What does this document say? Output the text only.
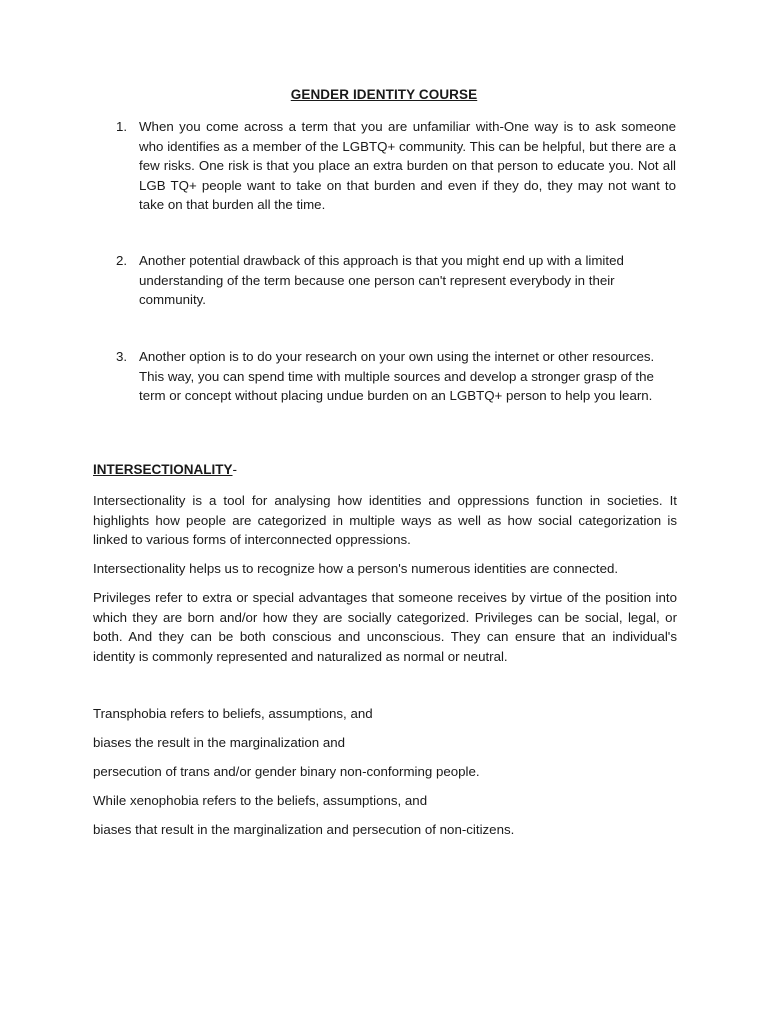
GENDER IDENTITY COURSE
1. When you come across a term that you are unfamiliar with-One way is to ask someone who identifies as a member of the LGBTQ+ community. This can be helpful, but there are a few risks. One risk is that you place an extra burden on that person to educate you. Not all LGB TQ+ people want to take on that burden and even if they do, they may not want to take on that burden all the time.
2. Another potential drawback of this approach is that you might end up with a limited understanding of the term because one person can't represent everybody in their community.
3. Another option is to do your research on your own using the internet or other resources. This way, you can spend time with multiple sources and develop a stronger grasp of the term or concept without placing undue burden on an LGBTQ+ person to help you learn.
INTERSECTIONALITY-
Intersectionality is a tool for analysing how identities and oppressions function in societies. It highlights how people are categorized in multiple ways as well as how social categorization is linked to various forms of interconnected oppressions.
Intersectionality helps us to recognize how a person's numerous identities are connected.
Privileges refer to extra or special advantages that someone receives by virtue of the position into which they are born and/or how they are socially categorized. Privileges can be social, legal, or both. And they can be both conscious and unconscious. They can ensure that an individual's identity is commonly represented and naturalized as normal or neutral.
Transphobia refers to beliefs, assumptions, and
biases the result in the marginalization and
persecution of trans and/or gender binary non-conforming people.
While xenophobia refers to the beliefs, assumptions, and
biases that result in the marginalization and persecution of non-citizens.
